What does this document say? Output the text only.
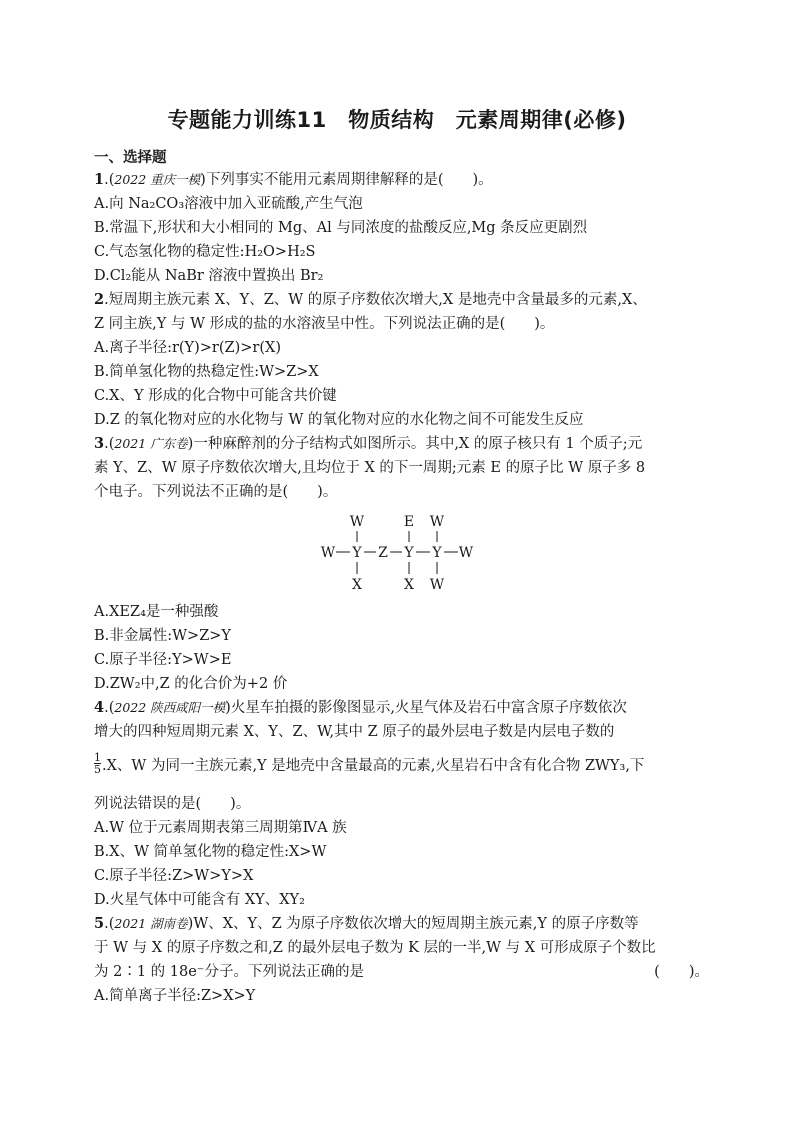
专题能力训练11　物质结构　元素周期律(必修)
一、选择题
1.(2022 重庆一模)下列事实不能用元素周期律解释的是(　　)。
A.向 Na₂CO₃溶液中加入亚硫酸,产生气泡
B.常温下,形状和大小相同的 Mg、Al 与同浓度的盐酸反应,Mg 条反应更剧烈
C.气态氢化物的稳定性:H₂O>H₂S
D.Cl₂能从 NaBr 溶液中置换出 Br₂
2.短周期主族元素 X、Y、Z、W 的原子序数依次增大,X 是地壳中含量最多的元素,X、
Z 同主族,Y 与 W 形成的盐的水溶液呈中性。下列说法正确的是(　　)。
A.离子半径:r(Y)>r(Z)>r(X)
B.简单氢化物的热稳定性:W>Z>X
C.X、Y 形成的化合物中可能含共价键
D.Z 的氧化物对应的水化物与 W 的氧化物对应的水化物之间不可能发生反应
3.(2021 广东卷)一种麻醉剂的分子结构式如图所示。其中,X 的原子核只有 1 个质子;元
素 Y、Z、W 原子序数依次增大,且均位于 X 的下一周期;元素 E 的原子比 W 原子多 8
个电子。下列说法不正确的是(　　)。
W	E W
W Y Z Y Y W
X	X W
A.XEZ₄是一种强酸
B.非金属性:W>Z>Y
C.原子半径:Y>W>E
D.ZW₂中,Z 的化合价为+2 价
4.(2022 陕西咸阳一模)火星车拍摄的影像图显示,火星气体及岩石中富含原子序数依次
增大的四种短周期元素 X、Y、Z、W,其中 Z 原子的最外层电子数是内层电子数的
1
5 .X、W 为同一主族元素,Y 是地壳中含量最高的元素,火星岩石中含有化合物 ZWY₃,下
列说法错误的是(　　)。
A.W 位于元素周期表第三周期第ⅣA 族
B.X、W 简单氢化物的稳定性:X>W
C.原子半径:Z>W>Y>X
D.火星气体中可能含有 XY、XY₂
5.(2021 湖南卷)W、X、Y、Z 为原子序数依次增大的短周期主族元素,Y 的原子序数等
于 W 与 X 的原子序数之和,Z 的最外层电子数为 K 层的一半,W 与 X 可形成原子个数比
为 2∶1 的 18e⁻分子。下列说法正确的是	(　　)。
A.简单离子半径:Z>X>Y
